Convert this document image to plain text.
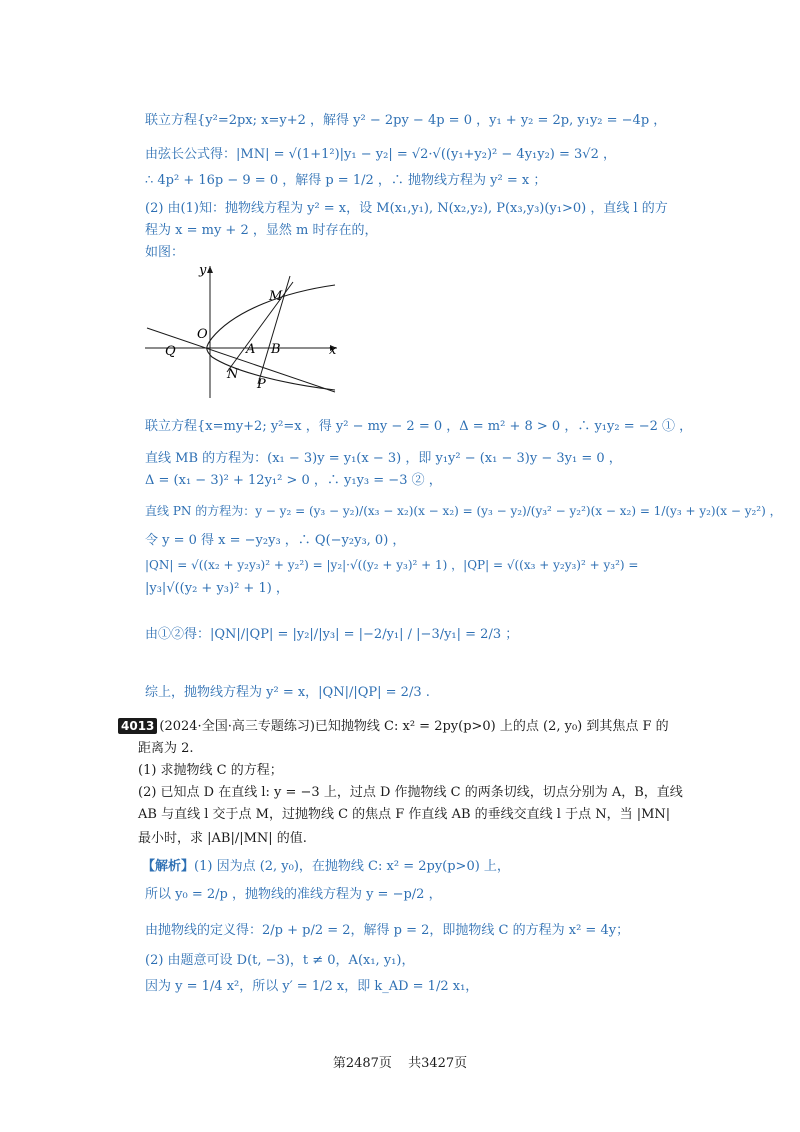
联立方程{y²=2px; x=y+2 ，解得 y² − 2py − 4p = 0 ，y₁ + y₂ = 2p, y₁y₂ = −4p ，
由弦长公式得：|MN| = √(1+1²)|y₁ − y₂| = √2·√((y₁+y₂)² − 4y₁y₂) = 3√2 ，
∴ 4p² + 16p − 9 = 0 ，解得 p = 1/2 ，∴ 抛物线方程为 y² = x ；
(2) 由(1)知：抛物线方程为 y² = x，设 M(x₁,y₁), N(x₂,y₂), P(x₃,y₃)(y₁>0) ，直线 l 的方
程为 x = my + 2 ，显然 m 时存在的，
如图：
y
x
O
Q
M
A B
N
P
联立方程{x=my+2; y²=x ，得 y² − my − 2 = 0 ，Δ = m² + 8 > 0 ，∴ y₁y₂ = −2 ① ，
直线 MB 的方程为：(x₁ − 3)y = y₁(x − 3) ，即 y₁y² − (x₁ − 3)y − 3y₁ = 0 ，
Δ = (x₁ − 3)² + 12y₁² > 0 ，∴ y₁y₃ = −3 ② ，
直线 PN 的方程为：y − y₂ = (y₃ − y₂)/(x₃ − x₂)(x − x₂) = (y₃ − y₂)/(y₃² − y₂²)(x − x₂) = 1/(y₃ + y₂)(x − y₂²) ，
令 y = 0 得 x = −y₂y₃ ，∴ Q(−y₂y₃, 0) ，
|QN| = √((x₂ + y₂y₃)² + y₂²) = |y₂|·√((y₂ + y₃)² + 1) ，|QP| = √((x₃ + y₂y₃)² + y₃²) =
|y₃|√((y₂ + y₃)² + 1) ，
由①②得：|QN|/|QP| = |y₂|/|y₃| = |−2/y₁| / |−3/y₁| = 2/3 ；
综上，抛物线方程为 y² = x，|QN|/|QP| = 2/3 .
4013 (2024·全国·高三专题练习)已知抛物线 C: x² = 2py(p>0) 上的点 (2, y₀) 到其焦点 F 的
距离为 2.
(1) 求抛物线 C 的方程；
(2) 已知点 D 在直线 l: y = −3 上，过点 D 作抛物线 C 的两条切线，切点分别为 A，B，直线
AB 与直线 l 交于点 M，过抛物线 C 的焦点 F 作直线 AB 的垂线交直线 l 于点 N，当 |MN|
最小时，求 |AB|/|MN| 的值.
【解析】(1) 因为点 (2, y₀)，在抛物线 C: x² = 2py(p>0) 上，
所以 y₀ = 2/p ，抛物线的准线方程为 y = −p/2 ，
由抛物线的定义得：2/p + p/2 = 2，解得 p = 2，即抛物线 C 的方程为 x² = 4y；
(2) 由题意可设 D(t, −3)，t ≠ 0，A(x₁, y₁)，
因为 y = 1/4 x²，所以 y′ = 1/2 x，即 k_AD = 1/2 x₁，
第2487页 共3427页
